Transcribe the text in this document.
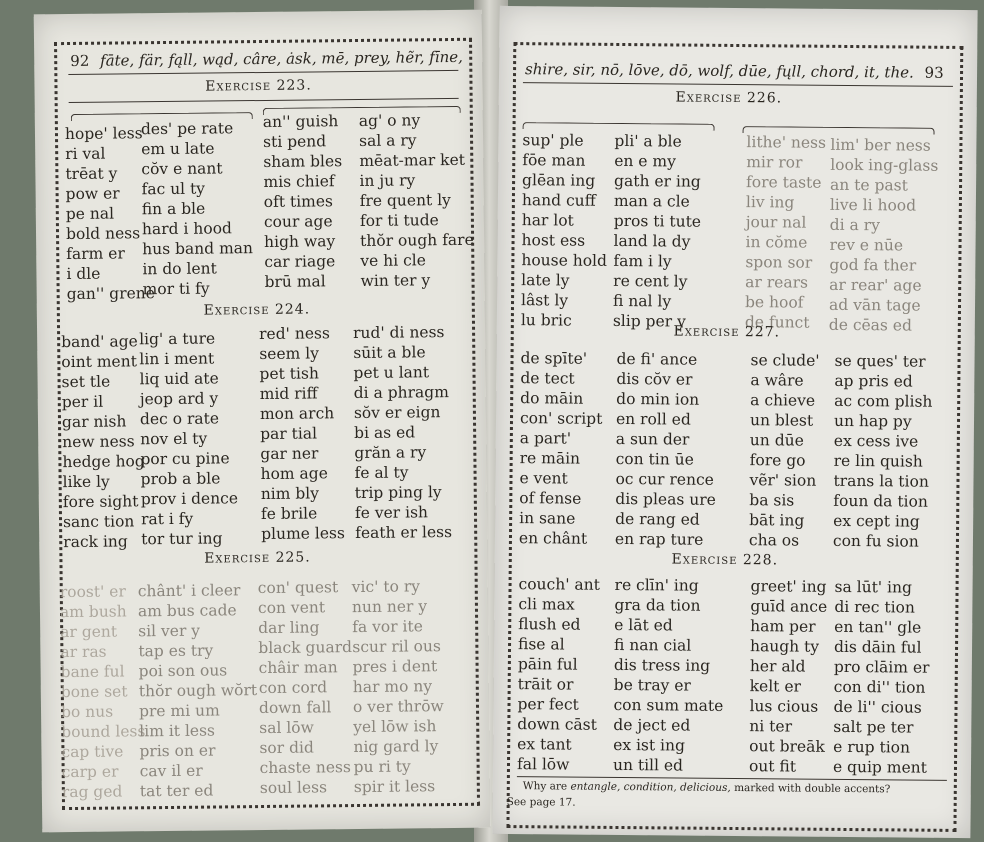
92 fāte, fär, fąll, wąd, câre, ȧsk, mē, prey, hẽr, fīne,
Exercise 223.
hope' less
ri val
trēat y
pow er
pe nal
bold ness
farm er
i dle
gan'' grene
des' pe rate
em u late
cŏv e nant
fac ul ty
fin a ble
hard i hood
hus band man
in do lent
mor ti fy
an'' guish
sti pend
sham bles
mis chief
oft times
cour age
high way
car riage
brū mal
ag' o ny
sal a ry
mēat-mar ket
in ju ry
fre quent ly
for ti tude
thŏr ough fare
ve hi cle
win ter y
Exercise 224.
band' age
oint ment
set tle
per il
gar nish
new ness
hedge hog
like ly
fore sight
sanc tion
rack ing
lig' a ture
lin i ment
liq uid ate
jeop ard y
dec o rate
nov el ty
por cu pine
prob a ble
prov i dence
rat i fy
tor tur ing
red' ness
seem ly
pet tish
mid riff
mon arch
par tial
gar ner
hom age
nim bly
fe brile
plume less
rud' di ness
sūit a ble
pet u lant
di a phragm
sŏv er eign
bi as ed
grăn a ry
fe al ty
trip ping ly
fe ver ish
feath er less
Exercise 225.
roost' er
am bush
ar gent
ar ras
bane ful
bone set
bo nus
bound less
cap tive
carp er
rag ged
chânt' i cleer
am bus cade
sil ver y
tap es try
poi son ous
thŏr ough wŏrt
pre mi um
lim it less
pris on er
cav il er
tat ter ed
con' quest
con vent
dar ling
black guard
châir man
con cord
down fall
sal lōw
sor did
chaste ness
soul less
vic' to ry
nun ner y
fa vor ite
scur ril ous
pres i dent
har mo ny
o ver thrōw
yel lōw ish
nig gard ly
pu ri ty
spir it less
shire, sir, nō, lōve, dō, wolf, dūe, fųll, chord, it, the. 93
Exercise 226.
sup' ple
fōe man
glēan ing
hand cuff
har lot
host ess
house hold
late ly
lâst ly
lu bric
pli' a ble
en e my
gath er ing
man a cle
pros ti tute
land la dy
fam i ly
re cent ly
fi nal ly
slip per y
lithe' ness
mir ror
fore taste
liv ing
jour nal
in cŏme
spon sor
ar rears
be hoof
de funct
lim' ber ness
look ing-glass
an te past
live li hood
di a ry
rev e nūe
god fa ther
ar rear' age
ad vān tage
de cēas ed
Exercise 227.
de spīte'
de tect
do māin
con' script
a part'
re māin
e vent
of fense
in sane
en chânt
de fi' ance
dis cŏv er
do min ion
en roll ed
a sun der
con tin ūe
oc cur rence
dis pleas ure
de rang ed
en rap ture
se clude'
a wâre
a chieve
un blest
un dūe
fore go
vẽr' sion
ba sis
bāt ing
cha os
se ques' ter
ap pris ed
ac com plish
un hap py
ex cess ive
re lin quish
trans la tion
foun da tion
ex cept ing
con fu sion
Exercise 228.
couch' ant
cli max
flush ed
fise al
pāin ful
trāit or
per fect
down cāst
ex tant
fal lōw
re clīn' ing
gra da tion
e lāt ed
fi nan cial
dis tress ing
be tray er
con sum mate
de ject ed
ex ist ing
un till ed
greet' ing
guīd ance
ham per
haugh ty
her ald
kelt er
lus cious
ni ter
out breāk
out fit
sa lūt' ing
di rec tion
en tan'' gle
dis dāin ful
pro clāim er
con di'' tion
de li'' cious
salt pe ter
e rup tion
e quip ment
Why are entangle, condition, delicious, marked with double accents?
See page 17.
